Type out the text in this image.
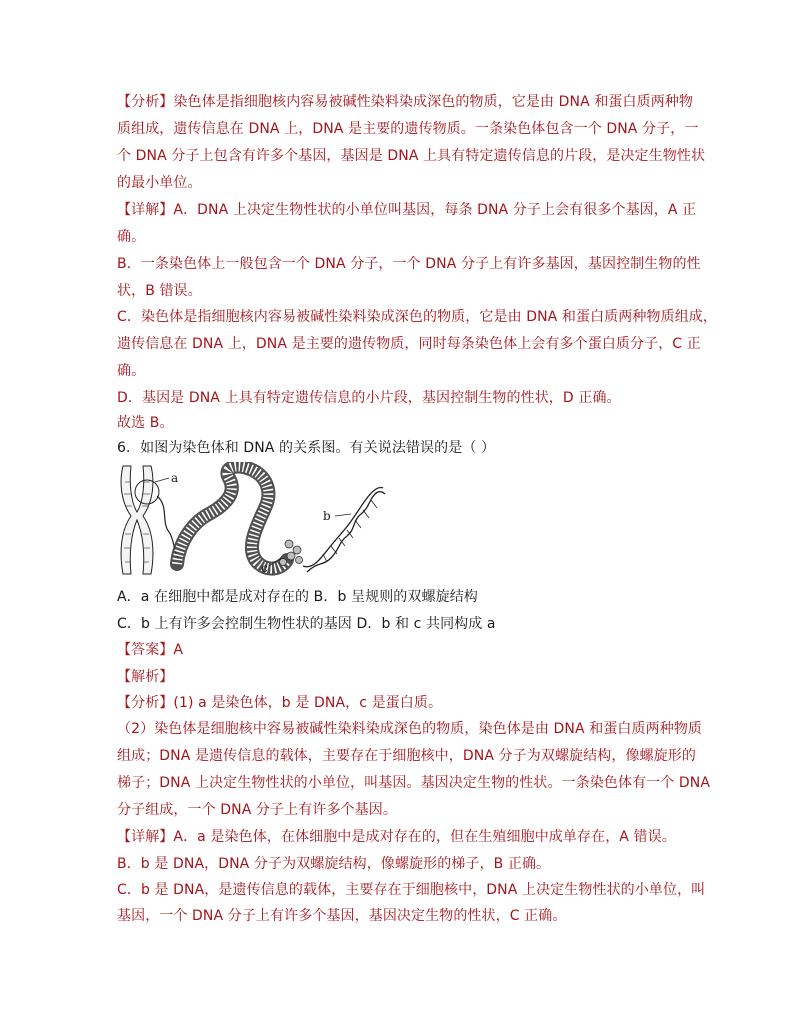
【分析】染色体是指细胞核内容易被碱性染料染成深色的物质，它是由 DNA 和蛋白质两种物
质组成，遗传信息在 DNA 上，DNA 是主要的遗传物质。一条染色体包含一个 DNA 分子，一
个 DNA 分子上包含有许多个基因，基因是 DNA 上具有特定遗传信息的片段，是决定生物性状
的最小单位。
【详解】A．DNA 上决定生物性状的小单位叫基因，每条 DNA 分子上会有很多个基因，A 正
确。
B．一条染色体上一般包含一个 DNA 分子，一个 DNA 分子上有许多基因，基因控制生物的性
状，B 错误。
C．染色体是指细胞核内容易被碱性染料染成深色的物质，它是由 DNA 和蛋白质两种物质组成，
遗传信息在 DNA 上，DNA 是主要的遗传物质，同时每条染色体上会有多个蛋白质分子，C 正
确。
D．基因是 DNA 上具有特定遗传信息的小片段，基因控制生物的性状，D 正确。
故选 B。
6．如图为染色体和 DNA 的关系图。有关说法错误的是（ ）
a
c
b
A．a 在细胞中都是成对存在的 B．b 呈规则的双螺旋结构
C．b 上有许多会控制生物性状的基因 D．b 和 c 共同构成 a
【答案】A
【解析】
【分析】(1) a 是染色体，b 是 DNA，c 是蛋白质。
（2）染色体是细胞核中容易被碱性染料染成深色的物质，染色体是由 DNA 和蛋白质两种物质
组成；DNA 是遗传信息的载体，主要存在于细胞核中，DNA 分子为双螺旋结构，像螺旋形的
梯子；DNA 上决定生物性状的小单位，叫基因。基因决定生物的性状。一条染色体有一个 DNA
分子组成，一个 DNA 分子上有许多个基因。
【详解】A．a 是染色体，在体细胞中是成对存在的，但在生殖细胞中成单存在，A 错误。
B．b 是 DNA，DNA 分子为双螺旋结构，像螺旋形的梯子，B 正确。
C．b 是 DNA，是遗传信息的载体，主要存在于细胞核中，DNA 上决定生物性状的小单位，叫
基因，一个 DNA 分子上有许多个基因，基因决定生物的性状，C 正确。
